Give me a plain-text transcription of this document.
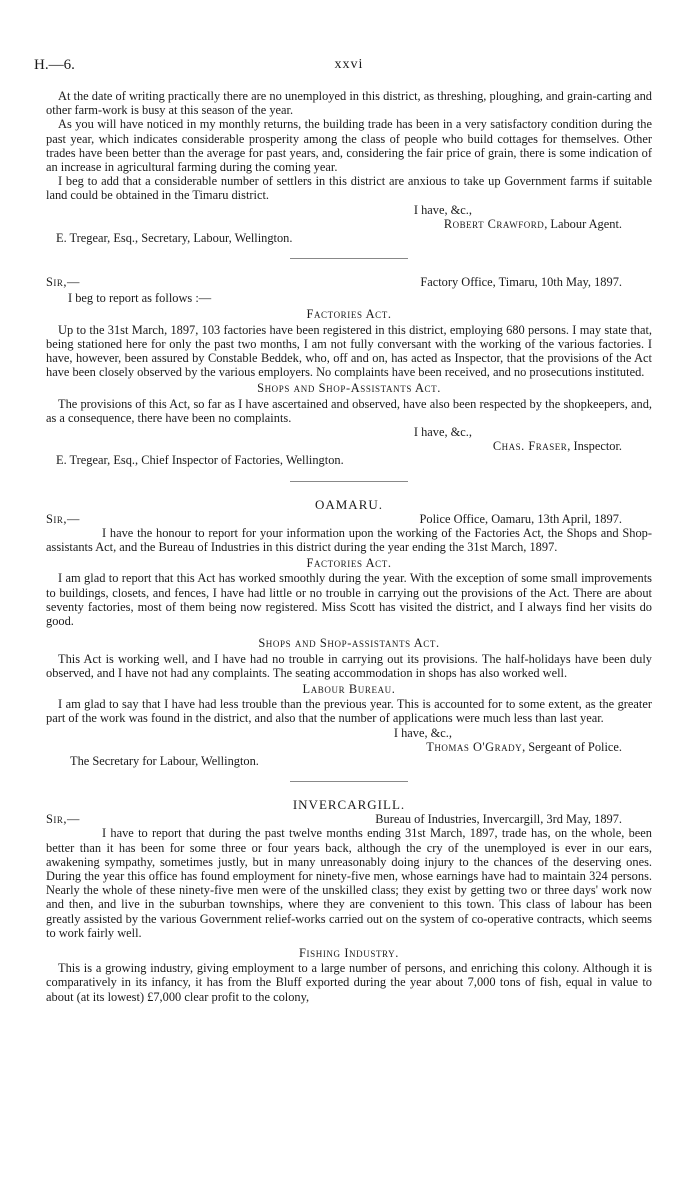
H.—6.	xxvi

At the date of writing practically there are no unemployed in this district, as threshing, ploughing, and grain-carting and other farm-work is busy at this season of the year.

As you will have noticed in my monthly returns, the building trade has been in a very satisfactory condition during the past year, which indicates considerable prosperity among the class of people who build cottages for themselves. Other trades have been better than the average for past years, and, considering the fair price of grain, there is some indication of an increase in agricultural farming during the coming year.

I beg to add that a considerable number of settlers in this district are anxious to take up Government farms if suitable land could be obtained in the Timaru district.

I have, &c.,
Robert Crawford, Labour Agent.
E. Tregear, Esq., Secretary, Labour, Wellington.
Sir,—	Factory Office, Timaru, 10th May, 1897.

I beg to report as follows :—

Factories Act.

Up to the 31st March, 1897, 103 factories have been registered in this district, employing 680 persons. I may state that, being stationed here for only the past two months, I am not fully conversant with the working of the various factories. I have, however, been assured by Constable Beddek, who, off and on, has acted as Inspector, that the provisions of the Act have been closely observed by the various employers. No complaints have been received, and no prosecutions instituted.

Shops and Shop-Assistants Act.

The provisions of this Act, so far as I have ascertained and observed, have also been respected by the shopkeepers, and, as a consequence, there have been no complaints.

I have, &c.,
Chas. Fraser, Inspector.
E. Tregear, Esq., Chief Inspector of Factories, Wellington.
OAMARU.
Sir,—	Police Office, Oamaru, 13th April, 1897.

I have the honour to report for your information upon the working of the Factories Act, the Shops and Shop-assistants Act, and the Bureau of Industries in this district during the year ending the 31st March, 1897.

Factories Act.

I am glad to report that this Act has worked smoothly during the year. With the exception of some small improvements to buildings, closets, and fences, I have had little or no trouble in carrying out the provisions of the Act. There are about seventy factories, most of them being now registered. Miss Scott has visited the district, and I always find her visits do good.

Shops and Shop-assistants Act.

This Act is working well, and I have had no trouble in carrying out its provisions. The half-holidays have been duly observed, and I have not had any complaints. The seating accommodation in shops has also worked well.

Labour Bureau.

I am glad to say that I have had less trouble than the previous year. This is accounted for to some extent, as the greater part of the work was found in the district, and also that the number of applications were much less than last year.

I have, &c.,
Thomas O'Grady, Sergeant of Police.
The Secretary for Labour, Wellington.
INVERCARGILL.
Sir,—	Bureau of Industries, Invercargill, 3rd May, 1897.

I have to report that during the past twelve months ending 31st March, 1897, trade has, on the whole, been better than it has been for some three or four years back, although the cry of the unemployed is ever in our ears, awakening sympathy, sometimes justly, but in many unreasonably doing injury to the chances of the deserving ones. During the year this office has found employment for ninety-five men, whose earnings have had to maintain 324 persons. Nearly the whole of these ninety-five men were of the unskilled class; they exist by getting two or three days' work now and then, and live in the suburban townships, where they are convenient to this town. This class of labour has been greatly assisted by the various Government relief-works carried out on the system of co-operative contracts, which seems to work fairly well.

Fishing Industry.

This is a growing industry, giving employment to a large number of persons, and enriching this colony. Although it is comparatively in its infancy, it has from the Bluff exported during the year about 7,000 tons of fish, equal in value to about (at its lowest) £7,000 clear profit to the colony,
